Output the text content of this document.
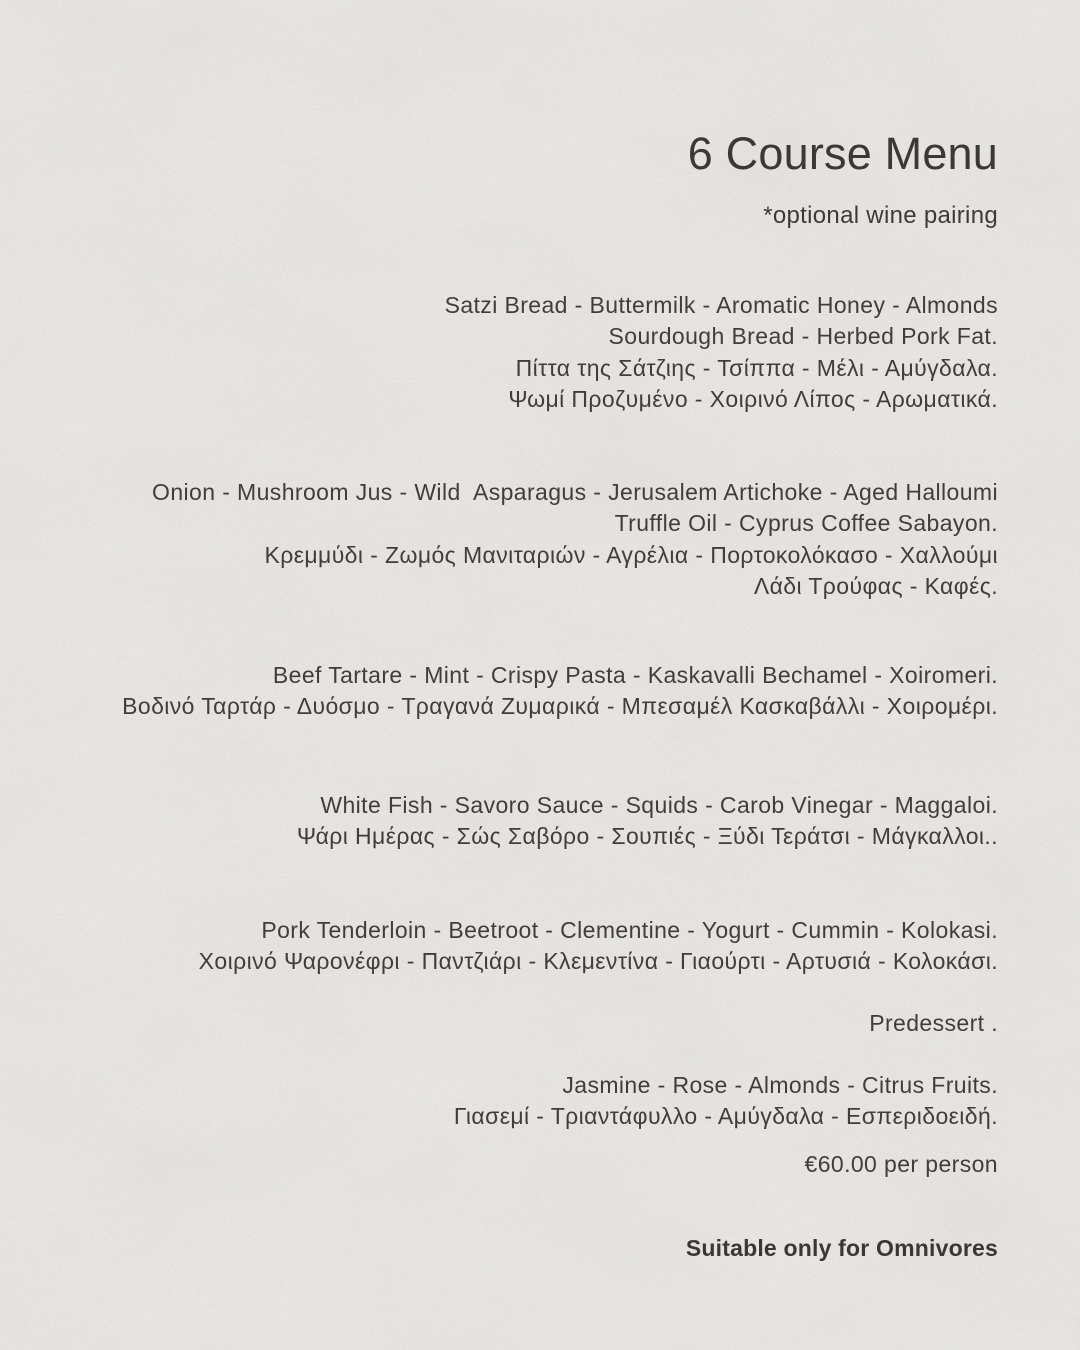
6 Course Menu

*optional wine pairing

Satzi Bread - Buttermilk - Aromatic Honey - Almonds

Sourdough Bread - Herbed Pork Fat.

Πίττα της Σάτζιης - Τσίππα - Μέλι - Αμύγδαλα.

Ψωμί Προζυμένο - Χοιρινό Λίπος - Αρωματικά.

Onion - Mushroom Jus - Wild  Asparagus - Jerusalem Artichoke - Aged Halloumi

Truffle Oil - Cyprus Coffee Sabayon.

Κρεμμύδι - Ζωμός Μανιταριών - Αγρέλια - Πορτοκολόκασο - Χαλλούμι

Λάδι Τρούφας - Καφές.

Beef Tartare - Mint - Crispy Pasta - Kaskavalli Bechamel - Xoiromeri.

Βοδινό Ταρτάρ - Δυόσμο - Τραγανά Ζυμαρικά - Μπεσαμέλ Κασκαβάλλι - Χοιρομέρι.

White Fish - Savoro Sauce - Squids - Carob Vinegar - Maggaloi.

Ψάρι Ημέρας - Σώς Σαβόρο - Σουπιές - Ξύδι Τεράτσι - Μάγκαλλοι..

Pork Tenderloin - Beetroot - Clementine - Yogurt - Cummin - Kolokasi.

Χοιρινό Ψαρονέφρι - Παντζιάρι - Κλεμεντίνα - Γιαούρτι - Αρτυσιά - Κολοκάσι.

Predessert .

Jasmine - Rose - Almonds - Citrus Fruits.

Γιασεμί - Τριαντάφυλλο - Αμύγδαλα - Εσπεριδοειδή.

€60.00 per person

Suitable only for Omnivores
